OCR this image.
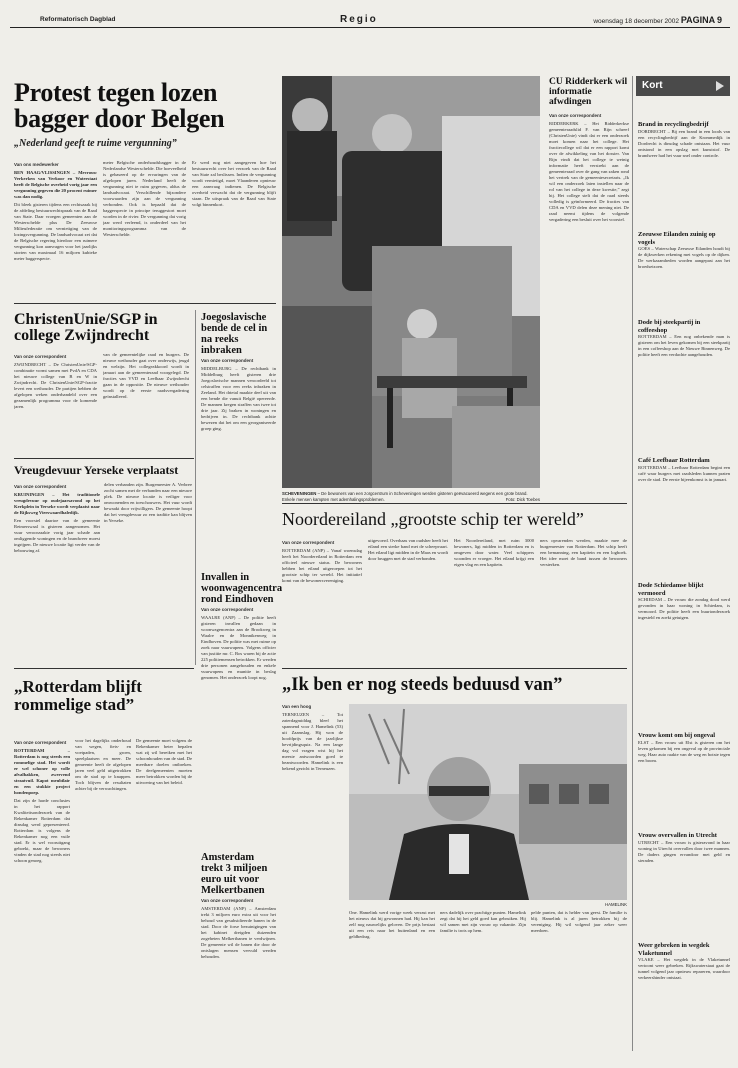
Reformatorisch Dagblad	Regio	woensdag 18 december 2002 PAGINA 9
Protest tegen lozen bagger door Belgen
„Nederland geeft te ruime vergunning”
Van ons medewerker

BEN HAAG/VLISSINGEN – Mevrouw Verkerken van Verkoor en Waterstaat heeft de Belgische overheid vorig jaar een vergunning gegeven die 20 procent ruimer was dan nodig.

Dit bleek gisteren tijdens een rechtszaak bij de afdeling bestuursrechtspraak van de Raad van State. Daar vroegen gemeenten aan de Westerschelde plus De Zeeuwse Milieufederatie om vernietiging van de lozingsvergunning. De landsadvocaat zei dat de Belgische regering hierdoor een ruimere vergunning kon aanvragen voor het jaarlijks storten van maximaal 16 miljoen kubieke meter baggerspecie.

meter Belgische onderhoudsbagger in de Nederlandse Westerschelde. Die hoeveelheid is gebaseerd op de ervaringen van de afgelopen jaren. Nederland heeft de vergunning niet te ruim gegeven, aldus de landsadvocaat. Verschillende bijzondere voorwaarden zijn aan de vergunning verbonden. Ook is bepaald dat de baggerspecie in principe teruggestort moet worden in de rivier. De vergunning dat vorig jaar werd verleend, is onderdeel van het monitoringsprogramma van de Westerschelde.
Er werd nog niet aangegeven hoe het bestuursrecht over het verzoek van de Raad van State zal beslissen. Indien de vergunning wordt vernietigd, moet Vlaanderen opnieuw een aanvraag indienen. De Belgische overheid verwacht dat de vergunning blijft staan. De uitspraak van de Raad van State volgt binnenkort.
ChristenUnie/SGP in college Zwijndrecht
Van onze correspondent

ZWIJNDRECHT – De ChristenUnie/SGP-combinatie vormt samen met PvdA en CDA het nieuwe college van B en W in Zwijndrecht. De ChristenUnie/SGP-fractie levert een wethouder. De partijen hebben de afgelopen weken onderhandeld over een gezamenlijk programma voor de komende jaren.

van de gemeentelijke raad en burgers. De nieuwe wethouder gaat over onderwijs, jeugd en welzijn. Het collegeakkoord wordt in januari aan de gemeenteraad voorgelegd. De fracties van VVD en Leefbaar Zwijndrecht gaan in de oppositie. De nieuwe wethouder wordt op de eerste raadsvergadering geïnstalleerd.
Joegoslavische bende de cel in na reeks inbraken
Van onze correspondent
MIDDELBURG – De rechtbank in Middelburg heeft gisteren drie Joegoslavische mannen veroordeeld tot celstraffen voor een reeks inbraken in Zeeland. Het drietal maakte deel uit van een bende die vanuit België opereerde. De mannen kregen straffen van twee tot drie jaar. Zij braken in woningen en bedrijven in. De rechtbank achtte bewezen dat het om een georganiseerde groep ging.
Vreugdevuur Yerseke verplaatst
Van onze correspondent

KRUININGEN – Het traditionele vreugdevuur op oudejaarsavond op het Kerkplein in Yerseke wordt verplaatst naar de Rijksweg Vierswaardhaledijk.

Een voorstel daartoe van de gemeente Reimerswaal is gisteren aangenomen. Het vuur veroorzaakte vorig jaar schade aan omliggende woningen en de brandweer moest ingrijpen. De nieuwe locatie ligt verder van de bebouwing af.

delen verbanden zijn. Burgemeester A. Verbree zocht samen met de verbanden naar een nieuwe plek. De nieuwe locatie is veiliger voor omwonenden en toeschouwers. Het vuur wordt bewaakt door vrijwilligers. De gemeente hoopt dat het vreugdevuur zo een traditie kan blijven in Yerseke.
Invallen in woonwagencentra rond Eindhoven
Van onze correspondent
WAALRE (ANP) – De politie heeft gisteren invallen gedaan in woonwagencentra aan de Brookweg in Waalre en de Monnikenweg in Eindhoven. De politie was met ruime op zoek naar vuurwapens. Volgens officier van justitie mr. C. Bos waren bij de actie 225 politiemensen betrokken. Er werden drie personen aangehouden en enkele vuurwapens en munitie in beslag genomen. Het onderzoek loopt nog.
„Rotterdam blijft rommelige stad”
Van onze correspondent

ROTTERDAM – Rotterdam is nog steeds een rommelige stad. Het wordt er wel schoner op volle afvalbakken, zwervend straatvuil. Kapot meubilair en een stukkie project hondenpoep.

Dat zijn de harde conclusies in het rapport Kwaliteitsonderzoek van de Rekenkamer Rotterdam dat dinsdag werd gepresenteerd. Rotterdam is volgens de Rekenkamer nog een vuile stad. Er is wel vooruitgang geboekt, maar de bewoners vinden de stad nog steeds niet schoon genoeg.

voor het dagelijks onderhoud van wegen, fiets- en voetpaden, groen, speelplaatsen en meer. De gemeente heeft de afgelopen jaren veel geld uitgetrokken om de stad op te knappen. Toch blijven de resultaten achter bij de verwachtingen.
De gemeente moet volgens de Rekenkamer beter bepalen wat zij wil bereiken met het schoonhouden van de stad. De meetbare doelen ontbreken. De deelgemeenten moeten meer betrokken worden bij de uitvoering van het beleid.
Amsterdam trekt 3 miljoen euro uit voor Melkertbanen
Van onze correspondent
AMSTERDAM (ANP) – Amsterdam trekt 3 miljoen euro extra uit voor het behoud van gesubsidieerde banen in de stad. Door de forse bezuinigingen van het kabinet dreigden duizenden zogeheten Melkertbanen te verdwijnen. De gemeente wil de banen die door de ontslagen mensen vervuld werden behouden.
SCHEVENINGEN – De bewoners van een zorgcentrum in Scheveningen werden gisteren geëvacueerd wegens een grote brand. Enkele mensen kampten met ademhalingsproblemen.	Foto: Dick Toebes
CU Ridderkerk wil informatie afwdingen
Van onze correspondent
RIDDERKERK – Het Ridderkerkse gemeenteraadslid F. van Rijn schreef (ChristenUnie) vindt dat er een onderzoek moet komen naar het college. Het fractiecollege wil dat er een rapport komt over de afwikkeling van het dossier. Van Rijn vindt dat het college te weinig informatie heeft verstrekt aan de gemeenteraad over de gang van zaken rond het vertrek van de gemeentesecretaris. „Ik wil een onderzoek laten instellen naar de rol van het college in deze kwestie,” zegt hij. Het college stelt dat de raad steeds volledig is geïnformeerd. De fracties van CDA en VVD delen deze mening niet. De raad neemt tijdens de volgende vergadering een besluit over het voorstel.
Kort
Brand in recyclingbedrijf
DORDRECHT – Bij een brand in een loods van een recyclingbedrijf aan de Krommedijk in Dordrecht is dinsdag schade ontstaan. Het vuur ontstond in een opslag met kunststof. De brandweer had het vuur snel onder controle.
Zeeuwse Eilanden zuinig op vogels
GOES – Waterschap Zeeuwse Eilanden houdt bij de dijkwerken rekening met vogels op de dijken. De werkzaamheden worden aangepast aan het broedseizoen.
Dode bij steekpartij in coffeeshop
ROTTERDAM – Een nog onbekende man is gisteren om het leven gekomen bij een steekpartij in een coffeeshop aan de Nieuwe Binnenweg. De politie heeft een verdachte aangehouden.
Café Leefbaar Rotterdam
ROTTERDAM – Leefbaar Rotterdam begint een café waar burgers met raadsleden kunnen praten over de stad. De eerste bijeenkomst is in januari.
Dode Schiedamse blijkt vermoord
SCHIEDAM – De vrouw die zondag dood werd gevonden in haar woning in Schiedam, is vermoord. De politie heeft een buurtonderzoek ingesteld en zoekt getuigen.
Vrouw komt om bij ongeval
ELST – Een vrouw uit Elst is gisteren om het leven gekomen bij een ongeval op de provinciale weg. Haar auto raakte van de weg en botste tegen een boom.
Vrouw overvallen in Utrecht
UTRECHT – Een vrouw is gisteravond in haar woning in Utrecht overvallen door twee mannen. De daders gingen ervandoor met geld en sieraden.
Weer gebreken in wegdek Vlaketunnel
VLAKE – Het wegdek in de Vlaketunnel vertoont weer gebreken. Rijkswaterstaat gaat de tunnel volgend jaar opnieuw repareren, waardoor verkeershinder ontstaat.
Noordereiland „grootste schip ter wereld”
Van onze correspondent

ROTTERDAM (ANP) – Vanaf woensdag heeft het Noordereiland in Rotterdam een officieel nieuwe status. De bewoners hebben het eiland uitgeroepen tot het grootste schip ter wereld. Het initiatief komt van de bewonersvereniging.

uitgevoerd. Overhaas van oudsher heeft het eiland een sterke band met de scheepvaart. Het eiland ligt midden in de Maas en wordt door bruggen met de stad verbonden.
Het Noordereiland, met ruim 3000 bewoners, ligt midden in Rotterdam en is omgeven door water. Veel schippers woonden er vroeger. Het eiland krijgt een eigen vlag en een kapitein.
ners opvarenden werden, maakte mee de burgemeester van Rotterdam. Het schip heeft een bemanning, een kapitein en een logboek. Het idee moet de band tussen de bewoners versterken.
„Ik ben er nog steeds beduusd van”
Van een hoog

TERNEUZEN – Tot zaterdagmiddag bleef het spannend voor J. Hamelink (53) uit Zaamslag. Hij won de hoofdprijs van de jaarlijkse bevrijdingsquiz. Na een lange dag vol vragen wist hij het meeste antwoorden goed te beantwoorden. Hamelink is een bekend gezicht in Terneuzen.

HAMELINK
One. Hamelink werd vorige week verrast met het nieuws dat hij gewonnen had. Hij kan het zelf nog nauwelijks geloven. De prijs bestaat uit een reis naar het buitenland en een geldbedrag.
ners dadelijk over prachtige punten. Hamelink zegt dat hij het geld goed kan gebruiken. Hij wil samen met zijn vrouw op vakantie. Zijn familie is trots op hem.
pelde punten, dat is helder van geest. De familie is blij. Hamelink is al jaren betrokken bij de vereniging. Hij wil volgend jaar zeker weer meedoen.
